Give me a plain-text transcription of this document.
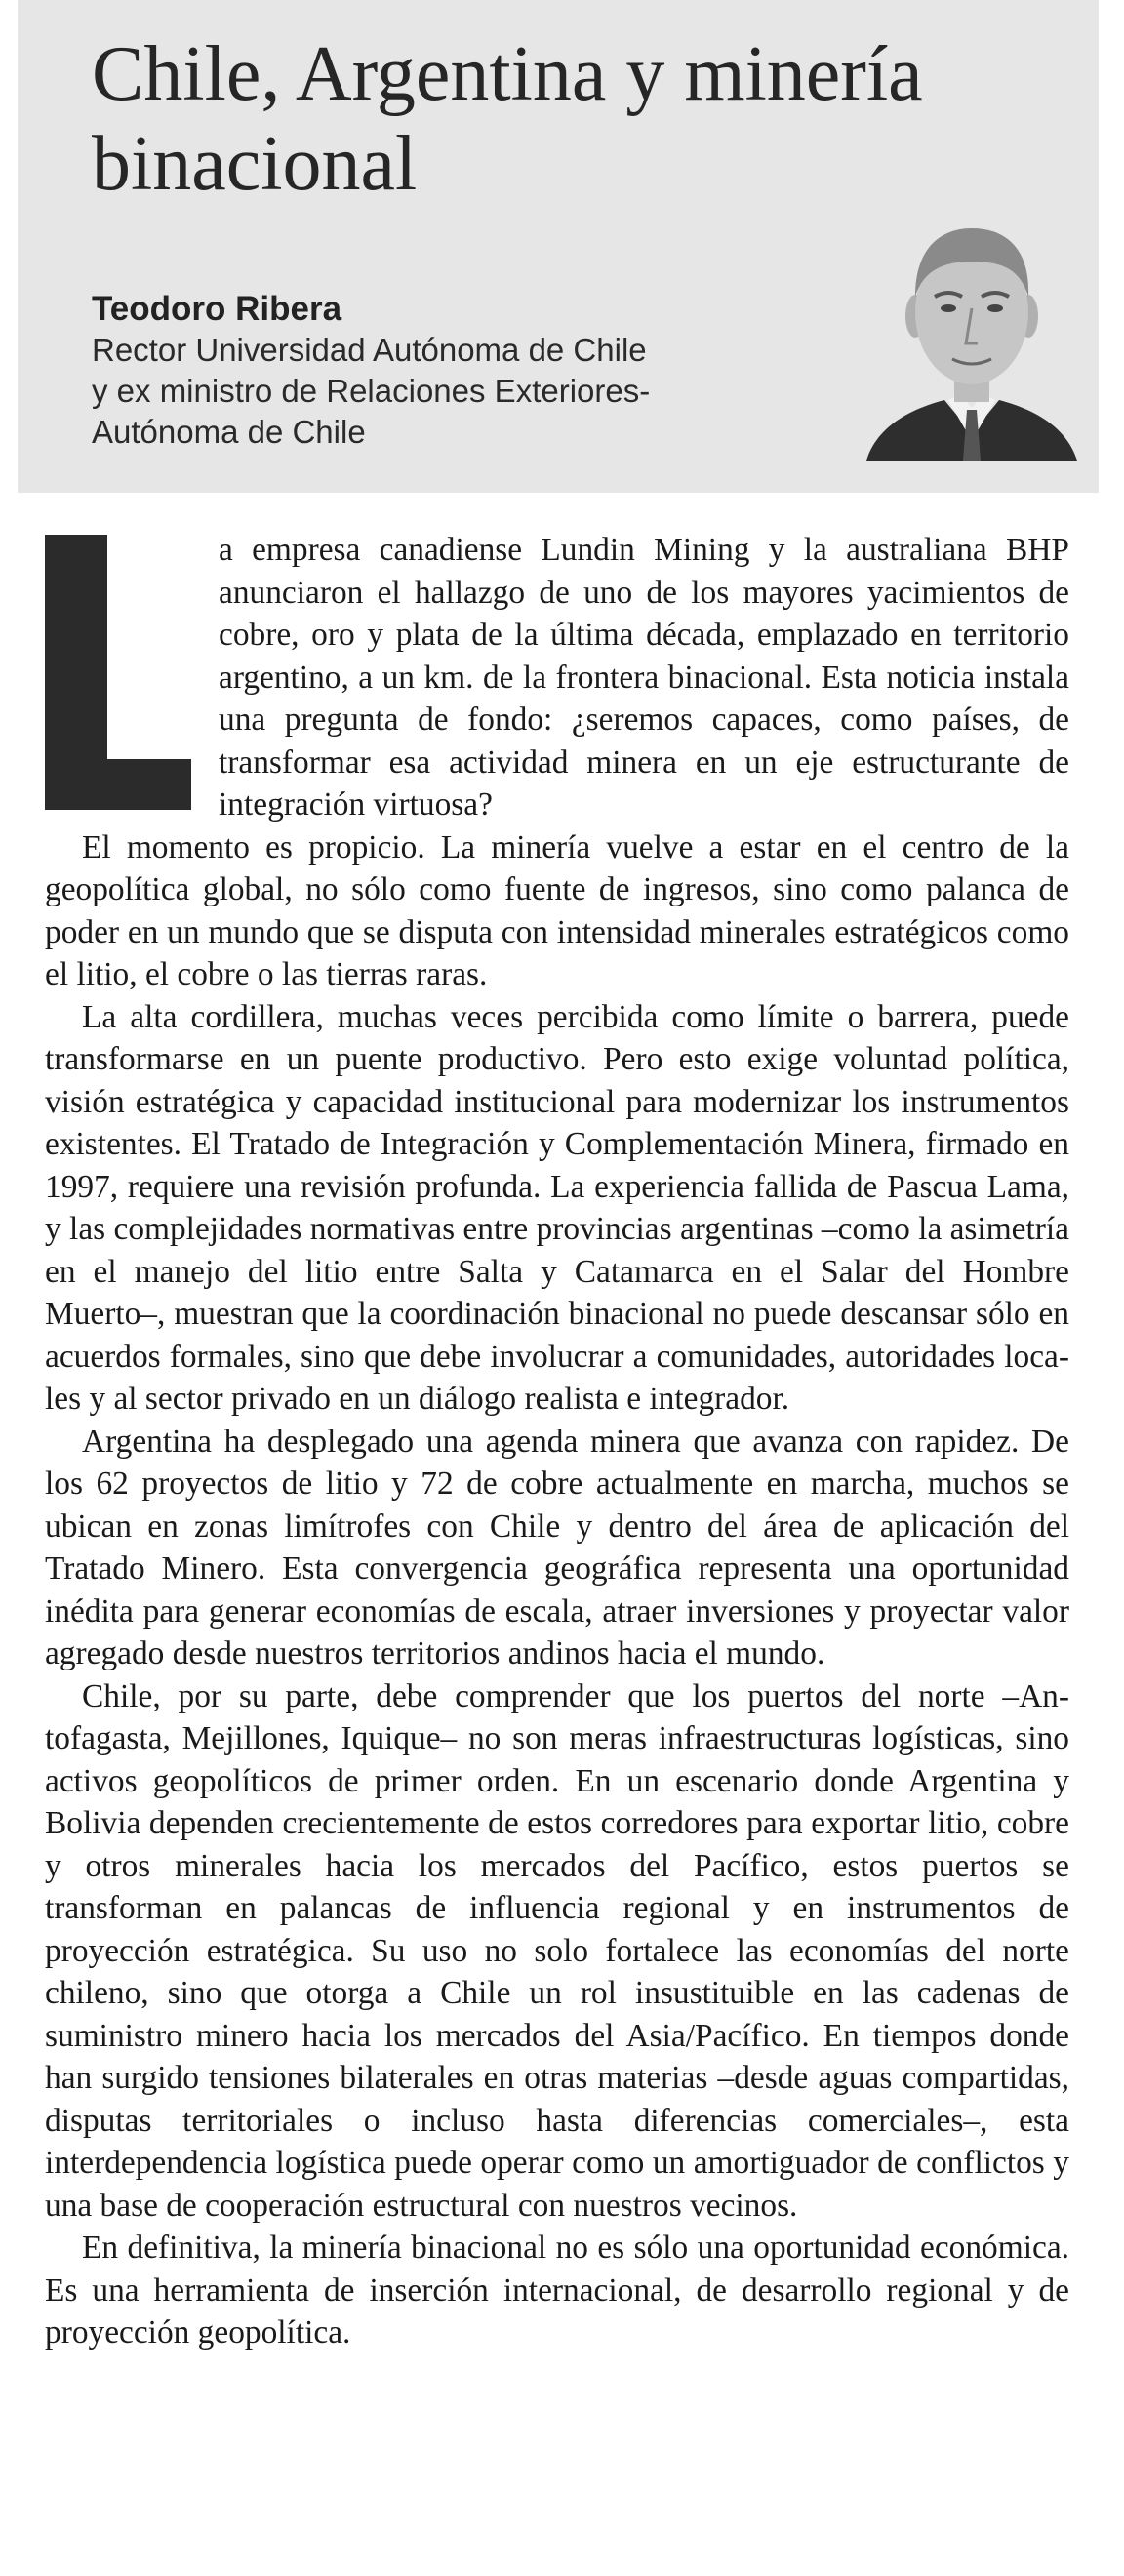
Chile, Argentina y minería binacional
Teodoro Ribera
Rector Universidad Autónoma de Chile
y ex ministro de Relaciones Exteriores-
Autónoma de Chile

a empresa canadiense Lundin Mining y la australiana BHP anunciaron el hallazgo de uno de los mayores yacimientos de cobre, oro y plata de la última década, emplazado en territorio argentino, a un km. de la frontera binacional. Esta noticia instala una pregunta de fondo: ¿seremos capaces, como países, de transformar esa actividad minera en un eje estructurante de integración virtuosa?

El momento es propicio. La minería vuelve a estar en el centro de la geopolítica global, no sólo como fuente de ingresos, sino como palanca de poder en un mundo que se disputa con intensidad minerales estratégicos como el litio, el cobre o las tierras raras.

La alta cordillera, muchas veces percibida como límite o barrera, puede transformarse en un puente productivo. Pero esto exige voluntad política, visión estratégica y capacidad institucional para modernizar los instrumentos existentes. El Tratado de Integración y Complementación Minera, firmado en 1997, requiere una revisión profunda. La experiencia fallida de Pascua Lama, y las complejidades normativas entre provincias argentinas –como la asimetría en el manejo del litio entre Salta y Catamarca en el Salar del Hombre Muerto–, muestran que la coordinación binacional no puede descansar sólo en acuerdos formales, sino que debe involucrar a comunidades, autoridades locales y al sector privado en un diálogo realista e integrador.

Argentina ha desplegado una agenda minera que avanza con rapidez. De los 62 proyectos de litio y 72 de cobre actualmente en marcha, muchos se ubican en zonas limítrofes con Chile y dentro del área de aplicación del Tratado Minero. Esta convergencia geográfica representa una oportunidad inédita para generar economías de escala, atraer inversiones y proyectar valor agregado desde nuestros territorios andinos hacia el mundo.

Chile, por su parte, debe comprender que los puertos del norte –Antofagasta, Mejillones, Iquique– no son meras infraestructuras logísticas, sino activos geopolíticos de primer orden. En un escenario donde Argentina y Bolivia dependen crecientemente de estos corredores para exportar litio, cobre y otros minerales hacia los mercados del Pacífico, estos puertos se transforman en palancas de influencia regional y en instrumentos de proyección estratégica. Su uso no solo fortalece las economías del norte chileno, sino que otorga a Chile un rol insustituible en las cadenas de suministro minero hacia los mercados del Asia/Pacífico. En tiempos donde han surgido tensiones bilaterales en otras materias –desde aguas compartidas, disputas territoriales o incluso hasta diferencias comerciales–, esta interdependencia logística puede operar como un amortiguador de conflictos y una base de cooperación estructural con nuestros vecinos.

En definitiva, la minería binacional no es sólo una oportunidad económica. Es una herramienta de inserción internacional, de desarrollo regional y de proyección geopolítica.
